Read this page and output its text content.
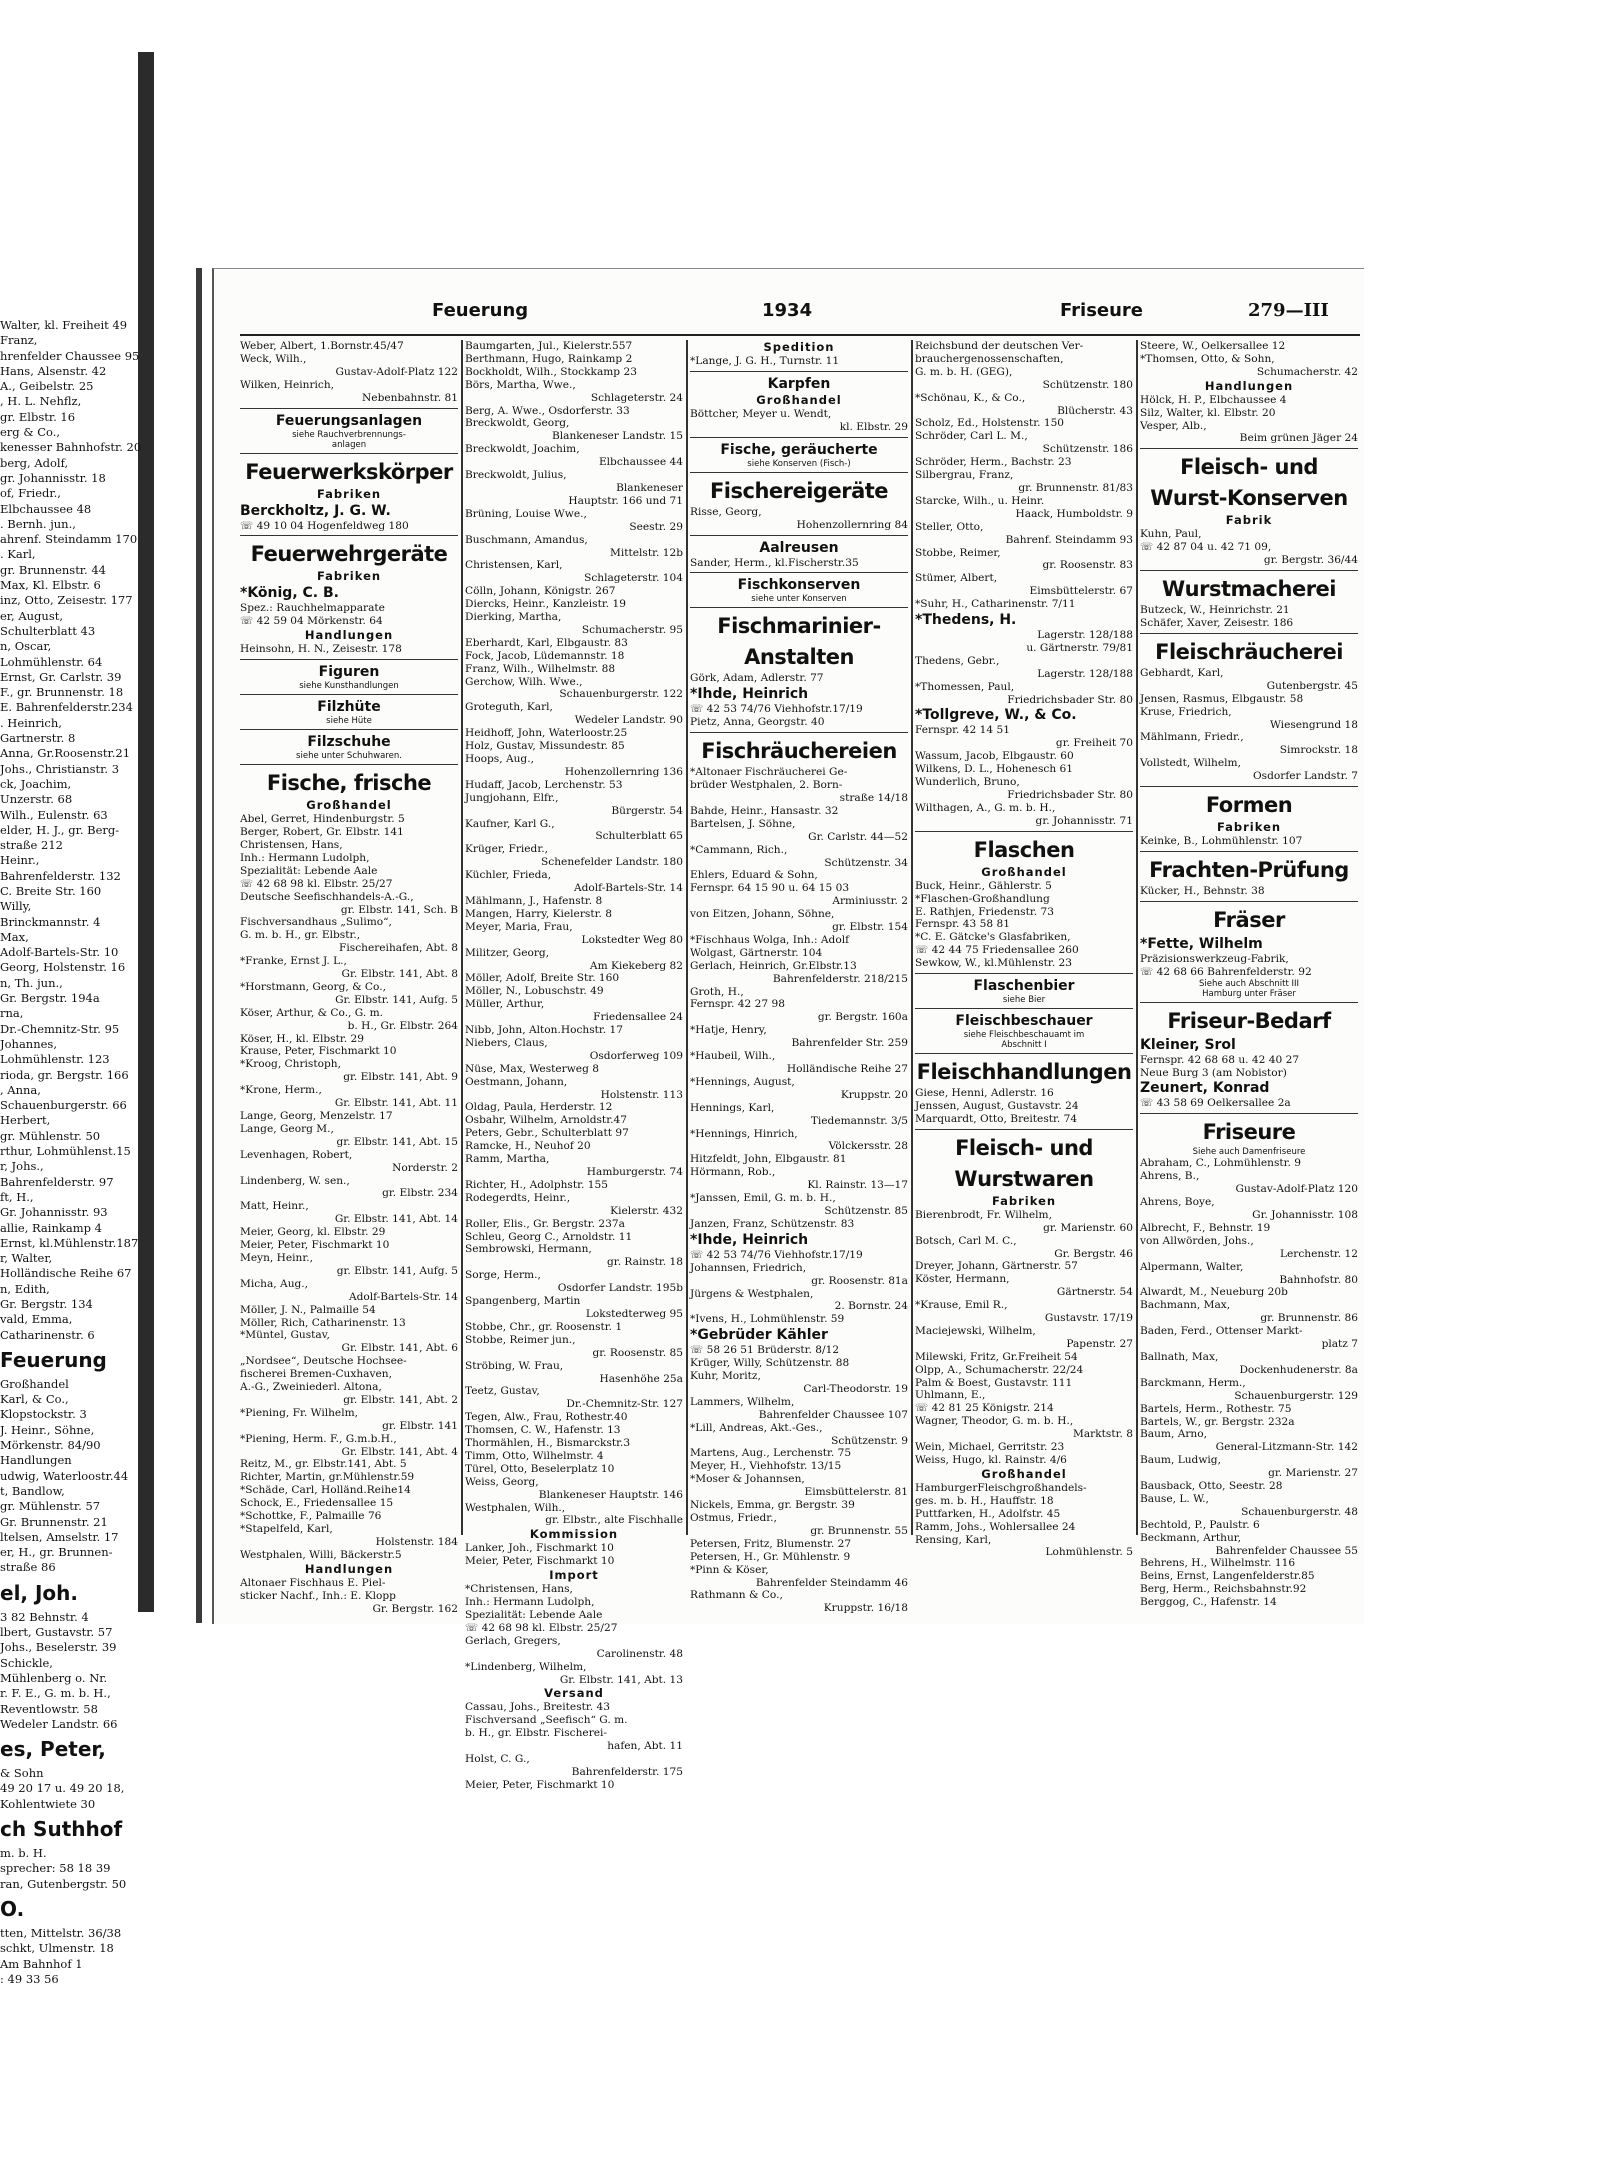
Walter, kl. Freiheit 49
Franz,
hrenfelder Chaussee 95
Hans, Alsenstr. 42
A., Geibelstr. 25
, H. L. Nehflz,
gr. Elbstr. 16
erg & Co.,
kenesser Bahnhofstr. 20
berg, Adolf,
gr. Johannisstr. 18
of, Friedr.,
Elbchaussee 48
. Bernh. jun.,
ahrenf. Steindamm 170
. Karl,
gr. Brunnenstr. 44
Max, Kl. Elbstr. 6
inz, Otto, Zeisestr. 177
er, August,
Schulterblatt 43
n, Oscar,
Lohmühlenstr. 64
Ernst, Gr. Carlstr. 39
F., gr. Brunnenstr. 18
E. Bahrenfelderstr.234
. Heinrich,
Gartnerstr. 8
Anna, Gr.Roosenstr.21
Johs., Christianstr. 3
ck, Joachim,
Unzerstr. 68
Wilh., Eulenstr. 63
elder, H. J., gr. Berg-
straße 212
Heinr.,
Bahrenfelderstr. 132
C. Breite Str. 160
Willy,
Brinckmannstr. 4
Max,
Adolf-Bartels-Str. 10
Georg, Holstenstr. 16
n, Th. jun.,
Gr. Bergstr. 194a
rna,
Dr.-Chemnitz-Str. 95
Johannes,
Lohmühlenstr. 123
rioda, gr. Bergstr. 166
, Anna,
Schauenburgerstr. 66
Herbert,
gr. Mühlenstr. 50
rthur, Lohmühlenst.15
r, Johs.,
Bahrenfelderstr. 97
ft, H.,
Gr. Johannisstr. 93
allie, Rainkamp 4
Ernst, kl.Mühlenstr.187
r, Walter,
Holländische Reihe 67
n, Edith,
Gr. Bergstr. 134
vald, Emma,
Catharinenstr. 6
Feuerung
Großhandel
Karl, & Co.,
Klopstockstr. 3
J. Heinr., Söhne,
Mörkenstr. 84/90
Handlungen
udwig, Waterloostr.44
t, Bandlow,
gr. Mühlenstr. 57
Gr. Brunnenstr. 21
ltelsen, Amselstr. 17
er, H., gr. Brunnen-
straße 86
el, Joh.
3 82 Behnstr. 4
lbert, Gustavstr. 57
Johs., Beselerstr. 39
Schickle,
Mühlenberg o. Nr.
r. F. E., G. m. b. H.,
Reventlowstr. 58
Wedeler Landstr. 66
es, Peter,
& Sohn
49 20 17 u. 49 20 18,
Kohlentwiete 30
ch Suthhof
m. b. H.
sprecher: 58 18 39
ran, Gutenbergstr. 50
O.
tten, Mittelstr. 36/38
schkt, Ulmenstr. 18
Am Bahnhof 1
: 49 33 56
Feuerung	1934	Friseure	279—III
Weber, Albert, 1.Bornstr.45/47
Weck, Wilh.,
Gustav-Adolf-Platz 122
Wilken, Heinrich,
Nebenbahnstr. 81
Feuerungsanlagen
siehe Rauchverbrennungs-
anlagen
Feuerwerkskörper
Fabriken
Berckholtz, J. G. W.
☏ 49 10 04 Hogenfeldweg 180
Feuerwehrgeräte
Fabriken
*König, C. B.
Spez.: Rauchhelmapparate
☏ 42 59 04 Mörkenstr. 64
Handlungen
Heinsohn, H. N., Zeisestr. 178
Figuren
siehe Kunsthandlungen
Filzhüte
siehe Hüte
Filzschuhe
siehe unter Schuhwaren.
Fische, frische
Großhandel
Abel, Gerret, Hindenburgstr. 5
Berger, Robert, Gr. Elbstr. 141
Christensen, Hans,
Inh.: Hermann Ludolph,
Spezialität: Lebende Aale
☏ 42 68 98 kl. Elbstr. 25/27
Deutsche Seefischhandels-A.-G.,
gr. Elbstr. 141, Sch. B
Fischversandhaus „Sulimo“,
G. m. b. H., gr. Elbstr.,
Fischereihafen, Abt. 8
*Franke, Ernst J. L.,
Gr. Elbstr. 141, Abt. 8
*Horstmann, Georg, & Co.,
Gr. Elbstr. 141, Aufg. 5
Köser, Arthur, & Co., G. m.
b. H., Gr. Elbstr. 264
Köser, H., kl. Elbstr. 29
Krause, Peter, Fischmarkt 10
*Kroog, Christoph,
gr. Elbstr. 141, Abt. 9
*Krone, Herm.,
Gr. Elbstr. 141, Abt. 11
Lange, Georg, Menzelstr. 17
Lange, Georg M.,
gr. Elbstr. 141, Abt. 15
Levenhagen, Robert,
Norderstr. 2
Lindenberg, W. sen.,
gr. Elbstr. 234
Matt, Heinr.,
Gr. Elbstr. 141, Abt. 14
Meier, Georg, kl. Elbstr. 29
Meier, Peter, Fischmarkt 10
Meyn, Heinr.,
gr. Elbstr. 141, Aufg. 5
Micha, Aug.,
Adolf-Bartels-Str. 14
Möller, J. N., Palmaille 54
Möller, Rich, Catharinenstr. 13
*Müntel, Gustav,
Gr. Elbstr. 141, Abt. 6
„Nordsee“, Deutsche Hochsee-
fischerei Bremen-Cuxhaven,
A.-G., Zweiniederl. Altona,
gr. Elbstr. 141, Abt. 2
*Piening, Fr. Wilhelm,
gr. Elbstr. 141
*Piening, Herm. F., G.m.b.H.,
Gr. Elbstr. 141, Abt. 4
Reitz, M., gr. Elbstr.141, Abt. 5
Richter, Martin, gr.Mühlenstr.59
*Schäde, Carl, Holländ.Reihe14
Schock, E., Friedensallee 15
*Schottke, F., Palmaille 76
*Stapelfeld, Karl,
Holstenstr. 184
Westphalen, Willi, Bäckerstr.5
Handlungen
Altonaer Fischhaus E. Piel-
sticker Nachf., Inh.: E. Klopp
Gr. Bergstr. 162
Baumgarten, Jul., Kielerstr.557
Berthmann, Hugo, Rainkamp 2
Bockholdt, Wilh., Stockkamp 23
Börs, Martha, Wwe.,
Schlageterstr. 24
Berg, A. Wwe., Osdorferstr. 33
Breckwoldt, Georg,
Blankeneser Landstr. 15
Breckwoldt, Joachim,
Elbchaussee 44
Breckwoldt, Julius,
Blankeneser
Hauptstr. 166 und 71
Brüning, Louise Wwe.,
Seestr. 29
Buschmann, Amandus,
Mittelstr. 12b
Christensen, Karl,
Schlageterstr. 104
Cölln, Johann, Königstr. 267
Diercks, Heinr., Kanzleistr. 19
Dierking, Martha,
Schumacherstr. 95
Eberhardt, Karl, Elbgaustr. 83
Fock, Jacob, Lüdemannstr. 18
Franz, Wilh., Wilhelmstr. 88
Gerchow, Wilh. Wwe.,
Schauenburgerstr. 122
Groteguth, Karl,
Wedeler Landstr. 90
Heidhoff, John, Waterloostr.25
Holz, Gustav, Missundestr. 85
Hoops, Aug.,
Hohenzollernring 136
Hudaff, Jacob, Lerchenstr. 53
Jungjohann, Elfr.,
Bürgerstr. 54
Kaufner, Karl G.,
Schulterblatt 65
Krüger, Friedr.,
Schenefelder Landstr. 180
Küchler, Frieda,
Adolf-Bartels-Str. 14
Mählmann, J., Hafenstr. 8
Mangen, Harry, Kielerstr. 8
Meyer, Maria, Frau,
Lokstedter Weg 80
Militzer, Georg,
Am Kiekeberg 82
Möller, Adolf, Breite Str. 160
Möller, N., Lobuschstr. 49
Müller, Arthur,
Friedensallee 24
Nibb, John, Alton.Hochstr. 17
Niebers, Claus,
Osdorferweg 109
Nüse, Max, Westerweg 8
Oestmann, Johann,
Holstenstr. 113
Oldag, Paula, Herderstr. 12
Osbahr, Wilhelm, Arnoldstr.47
Peters, Gebr., Schulterblatt 97
Ramcke, H., Neuhof 20
Ramm, Martha,
Hamburgerstr. 74
Richter, H., Adolphstr. 155
Rodegerdts, Heinr.,
Kielerstr. 432
Roller, Elis., Gr. Bergstr. 237a
Schleu, Georg C., Arnoldstr. 11
Sembrowski, Hermann,
gr. Rainstr. 18
Sorge, Herm.,
Osdorfer Landstr. 195b
Spangenberg, Martin
Lokstedterweg 95
Stobbe, Chr., gr. Roosenstr. 1
Stobbe, Reimer jun.,
gr. Roosenstr. 85
Ströbing, W. Frau,
Hasenhöhe 25a
Teetz, Gustav,
Dr.-Chemnitz-Str. 127
Tegen, Alw., Frau, Rothestr.40
Thomsen, C. W., Hafenstr. 13
Thormählen, H., Bismarckstr.3
Timm, Otto, Wilhelmstr. 4
Türel, Otto, Beselerplatz 10
Weiss, Georg,
Blankeneser Hauptstr. 146
Westphalen, Wilh.,
gr. Elbstr., alte Fischhalle
Kommission
Lanker, Joh., Fischmarkt 10
Meier, Peter, Fischmarkt 10
Import
*Christensen, Hans,
Inh.: Hermann Ludolph,
Spezialität: Lebende Aale
☏ 42 68 98 kl. Elbstr. 25/27
Gerlach, Gregers,
Carolinenstr. 48
*Lindenberg, Wilhelm,
Gr. Elbstr. 141, Abt. 13
Versand
Cassau, Johs., Breitestr. 43
Fischversand „Seefisch“ G. m.
b. H., gr. Elbstr. Fischerei-
hafen, Abt. 11
Holst, C. G.,
Bahrenfelderstr. 175
Meier, Peter, Fischmarkt 10
Spedition
*Lange, J. G. H., Turnstr. 11
Karpfen
Großhandel
Böttcher, Meyer u. Wendt,
kl. Elbstr. 29
Fische, geräucherte
siehe Konserven (Fisch-)
Fischereigeräte
Risse, Georg,
Hohenzollernring 84
Aalreusen
Sander, Herm., kl.Fischerstr.35
Fischkonserven
siehe unter Konserven
Fischmarinier-
Anstalten
Görk, Adam, Adlerstr. 77
*Ihde, Heinrich
☏ 42 53 74/76 Viehhofstr.17/19
Pietz, Anna, Georgstr. 40
Fischräuchereien
*Altonaer Fischräucherei Ge-
brüder Westphalen, 2. Born-
straße 14/18
Bahde, Heinr., Hansastr. 32
Bartelsen, J. Söhne,
Gr. Carlstr. 44—52
*Cammann, Rich.,
Schützenstr. 34
Ehlers, Eduard & Sohn,
Fernspr. 64 15 90 u. 64 15 03
Arminiusstr. 2
von Eitzen, Johann, Söhne,
gr. Elbstr. 154
*Fischhaus Wolga, Inh.: Adolf
Wolgast, Gärtnerstr. 104
Gerlach, Heinrich, Gr.Elbstr.13
Bahrenfelderstr. 218/215
Groth, H.,
Fernspr. 42 27 98
gr. Bergstr. 160a
*Hatje, Henry,
Bahrenfelder Str. 259
*Haubeil, Wilh.,
Holländische Reihe 27
*Hennings, August,
Kruppstr. 20
Hennings, Karl,
Tiedemannstr. 3/5
*Hennings, Hinrich,
Völckersstr. 28
Hitzfeldt, John, Elbgaustr. 81
Hörmann, Rob.,
Kl. Rainstr. 13—17
*Janssen, Emil, G. m. b. H.,
Schützenstr. 85
Janzen, Franz, Schützenstr. 83
*Ihde, Heinrich
☏ 42 53 74/76 Viehhofstr.17/19
Johannsen, Friedrich,
gr. Roosenstr. 81a
Jürgens & Westphalen,
2. Bornstr. 24
*Ivens, H., Lohmühlenstr. 59
*Gebrüder Kähler
☏ 58 26 51 Brüderstr. 8/12
Krüger, Willy, Schützenstr. 88
Kuhr, Moritz,
Carl-Theodorstr. 19
Lammers, Wilhelm,
Bahrenfelder Chaussee 107
*Lill, Andreas, Akt.-Ges.,
Schützenstr. 9
Martens, Aug., Lerchenstr. 75
Meyer, H., Viehhofstr. 13/15
*Moser & Johannsen,
Eimsbüttelerstr. 81
Nickels, Emma, gr. Bergstr. 39
Ostmus, Friedr.,
gr. Brunnenstr. 55
Petersen, Fritz, Blumenstr. 27
Petersen, H., Gr. Mühlenstr. 9
*Pinn & Köser,
Bahrenfelder Steindamm 46
Rathmann & Co.,
Kruppstr. 16/18
Reichsbund der deutschen Ver-
brauchergenossenschaften,
G. m. b. H. (GEG),
Schützenstr. 180
*Schönau, K., & Co.,
Blücherstr. 43
Scholz, Ed., Holstenstr. 150
Schröder, Carl L. M.,
Schützenstr. 186
Schröder, Herm., Bachstr. 23
Silbergrau, Franz,
gr. Brunnenstr. 81/83
Starcke, Wilh., u. Heinr.
Haack, Humboldstr. 9
Steller, Otto,
Bahrenf. Steindamm 93
Stobbe, Reimer,
gr. Roosenstr. 83
Stümer, Albert,
Eimsbüttelerstr. 67
*Suhr, H., Catharinenstr. 7/11
*Thedens, H.
Lagerstr. 128/188
u. Gärtnerstr. 79/81
Thedens, Gebr.,
Lagerstr. 128/188
*Thomessen, Paul,
Friedrichsbader Str. 80
*Tollgreve, W., & Co.
Fernspr. 42 14 51
gr. Freiheit 70
Wassum, Jacob, Elbgaustr. 60
Wilkens, D. L., Hohenesch 61
Wunderlich, Bruno,
Friedrichsbader Str. 80
Wilthagen, A., G. m. b. H.,
gr. Johannisstr. 71
Flaschen
Großhandel
Buck, Heinr., Gählerstr. 5
*Flaschen-Großhandlung
E. Rathjen, Friedenstr. 73
Fernspr. 43 58 81
*C. E. Gätcke's Glasfabriken,
☏ 42 44 75 Friedensallee 260
Sewkow, W., kl.Mühlenstr. 23
Flaschenbier
siehe Bier
Fleischbeschauer
siehe Fleischbeschauamt im
Abschnitt I
Fleischhandlungen
Giese, Henni, Adlerstr. 16
Jenssen, August, Gustavstr. 24
Marquardt, Otto, Breitestr. 74
Fleisch- und
Wurstwaren
Fabriken
Bierenbrodt, Fr. Wilhelm,
gr. Marienstr. 60
Botsch, Carl M. C.,
Gr. Bergstr. 46
Dreyer, Johann, Gärtnerstr. 57
Köster, Hermann,
Gärtnerstr. 54
*Krause, Emil R.,
Gustavstr. 17/19
Maciejewski, Wilhelm,
Papenstr. 27
Milewski, Fritz, Gr.Freiheit 54
Olpp, A., Schumacherstr. 22/24
Palm & Boest, Gustavstr. 111
Uhlmann, E.,
☏ 42 81 25 Königstr. 214
Wagner, Theodor, G. m. b. H.,
Marktstr. 8
Wein, Michael, Gerritstr. 23
Weiss, Hugo, kl. Rainstr. 4/6
Großhandel
HamburgerFleischgroßhandels-
ges. m. b. H., Hauffstr. 18
Puttfarken, H., Adolfstr. 45
Ramm, Johs., Wohlersallee 24
Rensing, Karl,
Lohmühlenstr. 5
Steere, W., Oelkersallee 12
*Thomsen, Otto, & Sohn,
Schumacherstr. 42
Handlungen
Hölck, H. P., Elbchaussee 4
Silz, Walter, kl. Elbstr. 20
Vesper, Alb.,
Beim grünen Jäger 24
Fleisch- und
Wurst-Konserven
Fabrik
Kuhn, Paul,
☏ 42 87 04 u. 42 71 09,
gr. Bergstr. 36/44
Wurstmacherei
Butzeck, W., Heinrichstr. 21
Schäfer, Xaver, Zeisestr. 186
Fleischräucherei
Gebhardt, Karl,
Gutenbergstr. 45
Jensen, Rasmus, Elbgaustr. 58
Kruse, Friedrich,
Wiesengrund 18
Mählmann, Friedr.,
Simrockstr. 18
Vollstedt, Wilhelm,
Osdorfer Landstr. 7
Formen
Fabriken
Keinke, B., Lohmühlenstr. 107
Frachten-Prüfung
Kücker, H., Behnstr. 38
Fräser
*Fette, Wilhelm
Präzisionswerkzeug-Fabrik,
☏ 42 68 66 Bahrenfelderstr. 92
Siehe auch Abschnitt III
Hamburg unter Fräser
Friseur-Bedarf
Kleiner, Srol
Fernspr. 42 68 68 u. 42 40 27
Neue Burg 3 (am Nobistor)
Zeunert, Konrad
☏ 43 58 69 Oelkersallee 2a
Friseure
Siehe auch Damenfriseure
Abraham, C., Lohmühlenstr. 9
Ahrens, B.,
Gustav-Adolf-Platz 120
Ahrens, Boye,
Gr. Johannisstr. 108
Albrecht, F., Behnstr. 19
von Allwörden, Johs.,
Lerchenstr. 12
Alpermann, Walter,
Bahnhofstr. 80
Alwardt, M., Neueburg 20b
Bachmann, Max,
gr. Brunnenstr. 86
Baden, Ferd., Ottenser Markt-
platz 7
Ballnath, Max,
Dockenhudenerstr. 8a
Barckmann, Herm.,
Schauenburgerstr. 129
Bartels, Herm., Rothestr. 75
Bartels, W., gr. Bergstr. 232a
Baum, Arno,
General-Litzmann-Str. 142
Baum, Ludwig,
gr. Marienstr. 27
Bausback, Otto, Seestr. 28
Bause, L. W.,
Schauenburgerstr. 48
Bechtold, P., Paulstr. 6
Beckmann, Arthur,
Bahrenfelder Chaussee 55
Behrens, H., Wilhelmstr. 116
Beins, Ernst, Langenfelderstr.85
Berg, Herm., Reichsbahnstr.92
Berggog, C., Hafenstr. 14
